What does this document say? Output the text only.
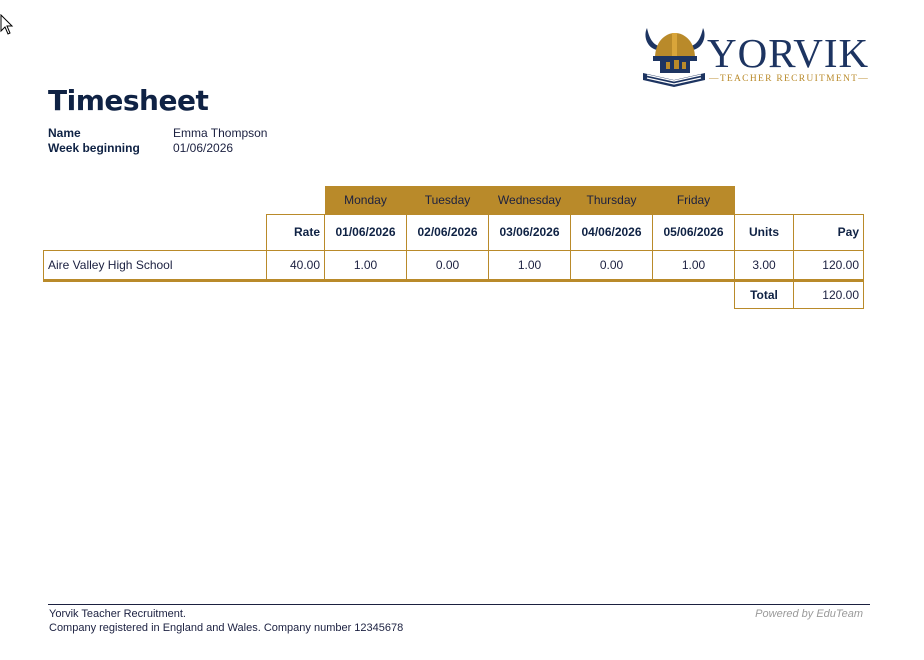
YORVIK
—TEACHER RECRUITMENT—
Timesheet
Name	Emma Thompson
Week beginning	01/06/2026
		Monday	Tuesday	Wednesday	Thursday	Friday		
	Rate	01/06/2026	02/06/2026	03/06/2026	04/06/2026	05/06/2026	Units	Pay
Aire Valley High School	40.00	1.00	0.00	1.00	0.00	1.00	3.00	120.00
							Total	120.00
Yorvik Teacher Recruitment.
Company registered in England and Wales. Company number 12345678
Powered by EduTeam
